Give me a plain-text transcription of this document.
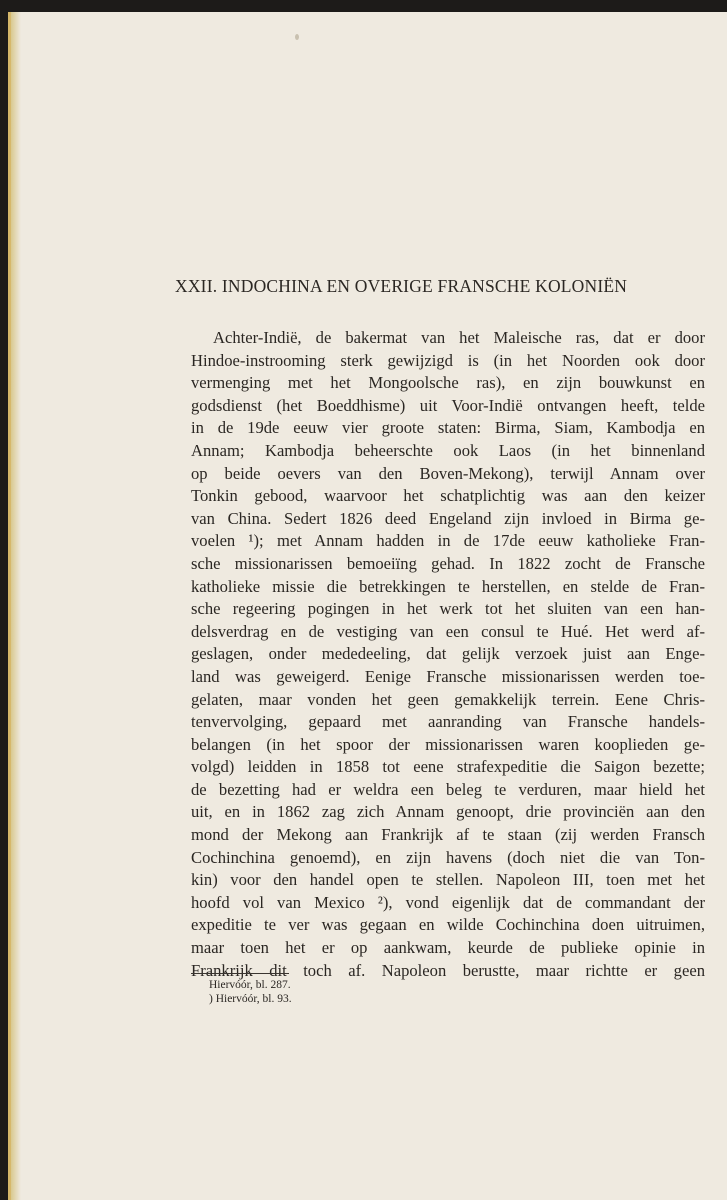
XXII. INDOCHINA EN OVERIGE FRANSCHE KOLONIËN
Achter-Indië, de bakermat van het Maleische ras, dat er door
Hindoe-instrooming sterk gewijzigd is (in het Noorden ook door
vermenging met het Mongoolsche ras), en zijn bouwkunst en
godsdienst (het Boeddhisme) uit Voor-Indië ontvangen heeft, telde
in de 19de eeuw vier groote staten: Birma, Siam, Kambodja en
Annam; Kambodja beheerschte ook Laos (in het binnenland
op beide oevers van den Boven-Mekong), terwijl Annam over
Tonkin gebood, waarvoor het schatplichtig was aan den keizer
van China. Sedert 1826 deed Engeland zijn invloed in Birma ge-
voelen ¹); met Annam hadden in de 17de eeuw katholieke Fran-
sche missionarissen bemoeiïng gehad. In 1822 zocht de Fransche
katholieke missie die betrekkingen te herstellen, en stelde de Fran-
sche regeering pogingen in het werk tot het sluiten van een han-
delsverdrag en de vestiging van een consul te Hué. Het werd af-
geslagen, onder mededeeling, dat gelijk verzoek juist aan Enge-
land was geweigerd. Eenige Fransche missionarissen werden toe-
gelaten, maar vonden het geen gemakkelijk terrein. Eene Chris-
tenvervolging, gepaard met aanranding van Fransche handels-
belangen (in het spoor der missionarissen waren kooplieden ge-
volgd) leidden in 1858 tot eene strafexpeditie die Saigon bezette;
de bezetting had er weldra een beleg te verduren, maar hield het
uit, en in 1862 zag zich Annam genoopt, drie provinciën aan den
mond der Mekong aan Frankrijk af te staan (zij werden Fransch
Cochinchina genoemd), en zijn havens (doch niet die van Ton-
kin) voor den handel open te stellen. Napoleon III, toen met het
hoofd vol van Mexico ²), vond eigenlijk dat de commandant der
expeditie te ver was gegaan en wilde Cochinchina doen uitruimen,
maar toen het er op aankwam, keurde de publieke opinie in
Frankrijk dit toch af. Napoleon berustte, maar richtte er geen
Hiervóór, bl. 287.
) Hiervóór, bl. 93.
